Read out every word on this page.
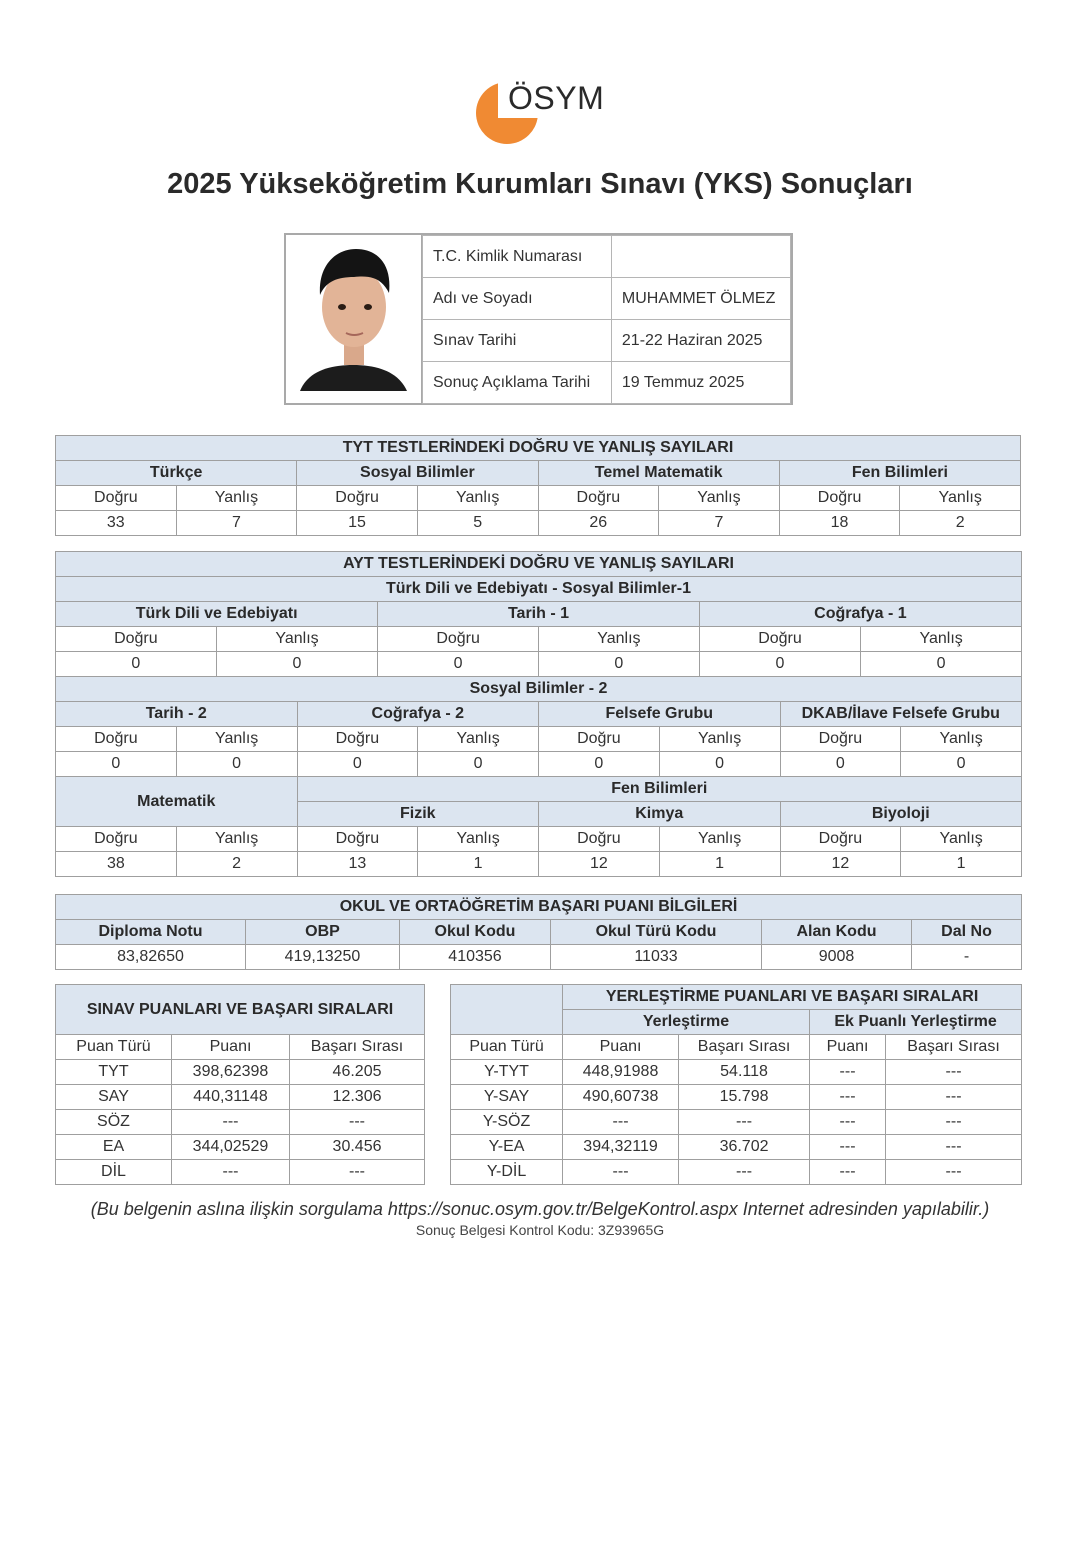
ÖSYM
2025 Yükseköğretim Kurumları Sınavı (YKS) Sonuçları
T.C. Kimlik Numarası	
Adı ve Soyadı	MUHAMMET ÖLMEZ
Sınav Tarihi	21-22 Haziran 2025
Sonuç Açıklama Tarihi	19 Temmuz 2025
TYT TESTLERİNDEKİ DOĞRU VE YANLIŞ SAYILARI							
Türkçe		Sosyal Bilimler		Temel Matematik		Fen Bilimleri	
Doğru	Yanlış	Doğru	Yanlış	Doğru	Yanlış	Doğru	Yanlış
33	7	15	5	26	7	18	2
AYT TESTLERİNDEKİ DOĞRU VE YANLIŞ SAYILARI											
Türk Dili ve Edebiyatı - Sosyal Bilimler-1											
Türk Dili ve Edebiyatı				Tarih - 1				Coğrafya - 1			
Doğru		Yanlış		Doğru		Yanlış		Doğru		Yanlış	
0		0		0		0		0		0	
Sosyal Bilimler - 2											
Tarih - 2			Coğrafya - 2			Felsefe Grubu			DKAB/İlave Felsefe Grubu		
Doğru	Yanlış		Doğru		Yanlış	Doğru	Yanlış		Doğru		Yanlış
0	0		0		0	0	0		0		0
Matematik			Fen Bilimleri								
			Fizik			Kimya			Biyoloji		
Doğru	Yanlış		Doğru		Yanlış	Doğru	Yanlış		Doğru		Yanlış
38	2		13		1	12	1		12		1
OKUL VE ORTAÖĞRETİM BAŞARI PUANI BİLGİLERİ					
Diploma Notu	OBP	Okul Kodu	Okul Türü Kodu	Alan Kodu	Dal No
83,82650	419,13250	410356	11033	9008	-
SINAV PUANLARI VE BAŞARI SIRALARI					YERLEŞTİRME PUANLARI VE BAŞARI SIRALARI			
					Yerleştirme		Ek Puanlı Yerleştirme	
Puan Türü	Puanı	Başarı Sırası		Puan Türü	Puanı	Başarı Sırası	Puanı	Başarı Sırası
TYT	398,62398	46.205		Y-TYT	448,91988	54.118	---	---
SAY	440,31148	12.306		Y-SAY	490,60738	15.798	---	---
SÖZ	---	---		Y-SÖZ	---	---	---	---
EA	344,02529	30.456		Y-EA	394,32119	36.702	---	---
DİL	---	---		Y-DİL	---	---	---	---
(Bu belgenin aslına ilişkin sorgulama https://sonuc.osym.gov.tr/BelgeKontrol.aspx Internet adresinden yapılabilir.)
Sonuç Belgesi Kontrol Kodu: 3Z93965G
